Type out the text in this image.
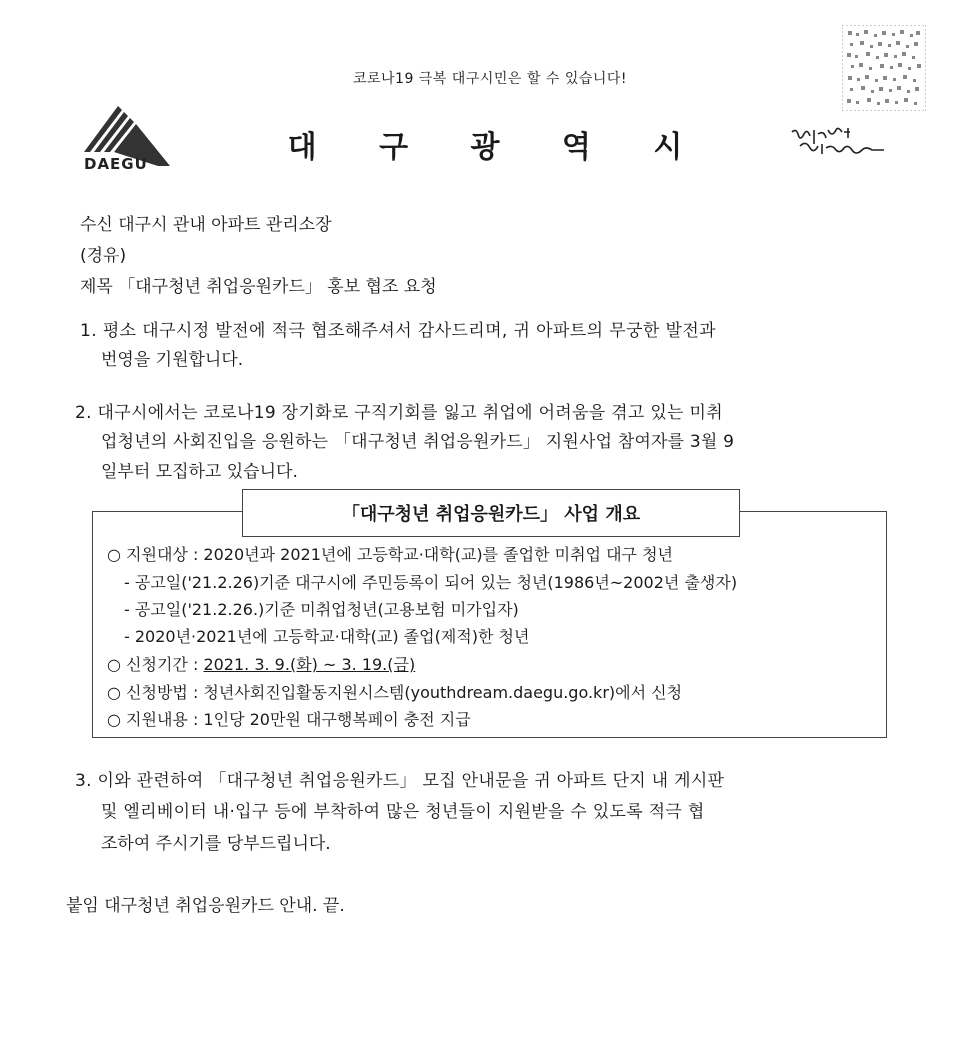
코로나19 극복 대구시민은 할 수 있습니다!
DAEGU	대 구 광 역 시
수신 대구시 관내 아파트 관리소장
(경유)
제목 「대구청년 취업응원카드」 홍보 협조 요청
1. 평소 대구시정 발전에 적극 협조해주셔서 감사드리며, 귀 아파트의 무궁한 발전과
번영을 기원합니다.
2. 대구시에서는 코로나19 장기화로 구직기회를 잃고 취업에 어려움을 겪고 있는 미취
업청년의 사회진입을 응원하는 「대구청년 취업응원카드」 지원사업 참여자를 3월 9
일부터 모집하고 있습니다.
「대구청년 취업응원카드」 사업 개요
○ 지원대상 : 2020년과 2021년에 고등학교·대학(교)를 졸업한 미취업 대구 청년
- 공고일('21.2.26)기준 대구시에 주민등록이 되어 있는 청년(1986년~2002년 출생자)
- 공고일('21.2.26.)기준 미취업청년(고용보험 미가입자)
- 2020년·2021년에 고등학교·대학(교) 졸업(제적)한 청년
○ 신청기간 : 2021. 3. 9.(화) ~ 3. 19.(금)
○ 신청방법 : 청년사회진입활동지원시스템(youthdream.daegu.go.kr)에서 신청
○ 지원내용 : 1인당 20만원 대구행복페이 충전 지급
3. 이와 관련하여 「대구청년 취업응원카드」 모집 안내문을 귀 아파트 단지 내 게시판
및 엘리베이터 내·입구 등에 부착하여 많은 청년들이 지원받을 수 있도록 적극 협
조하여 주시기를 당부드립니다.
붙임 대구청년 취업응원카드 안내. 끝.
